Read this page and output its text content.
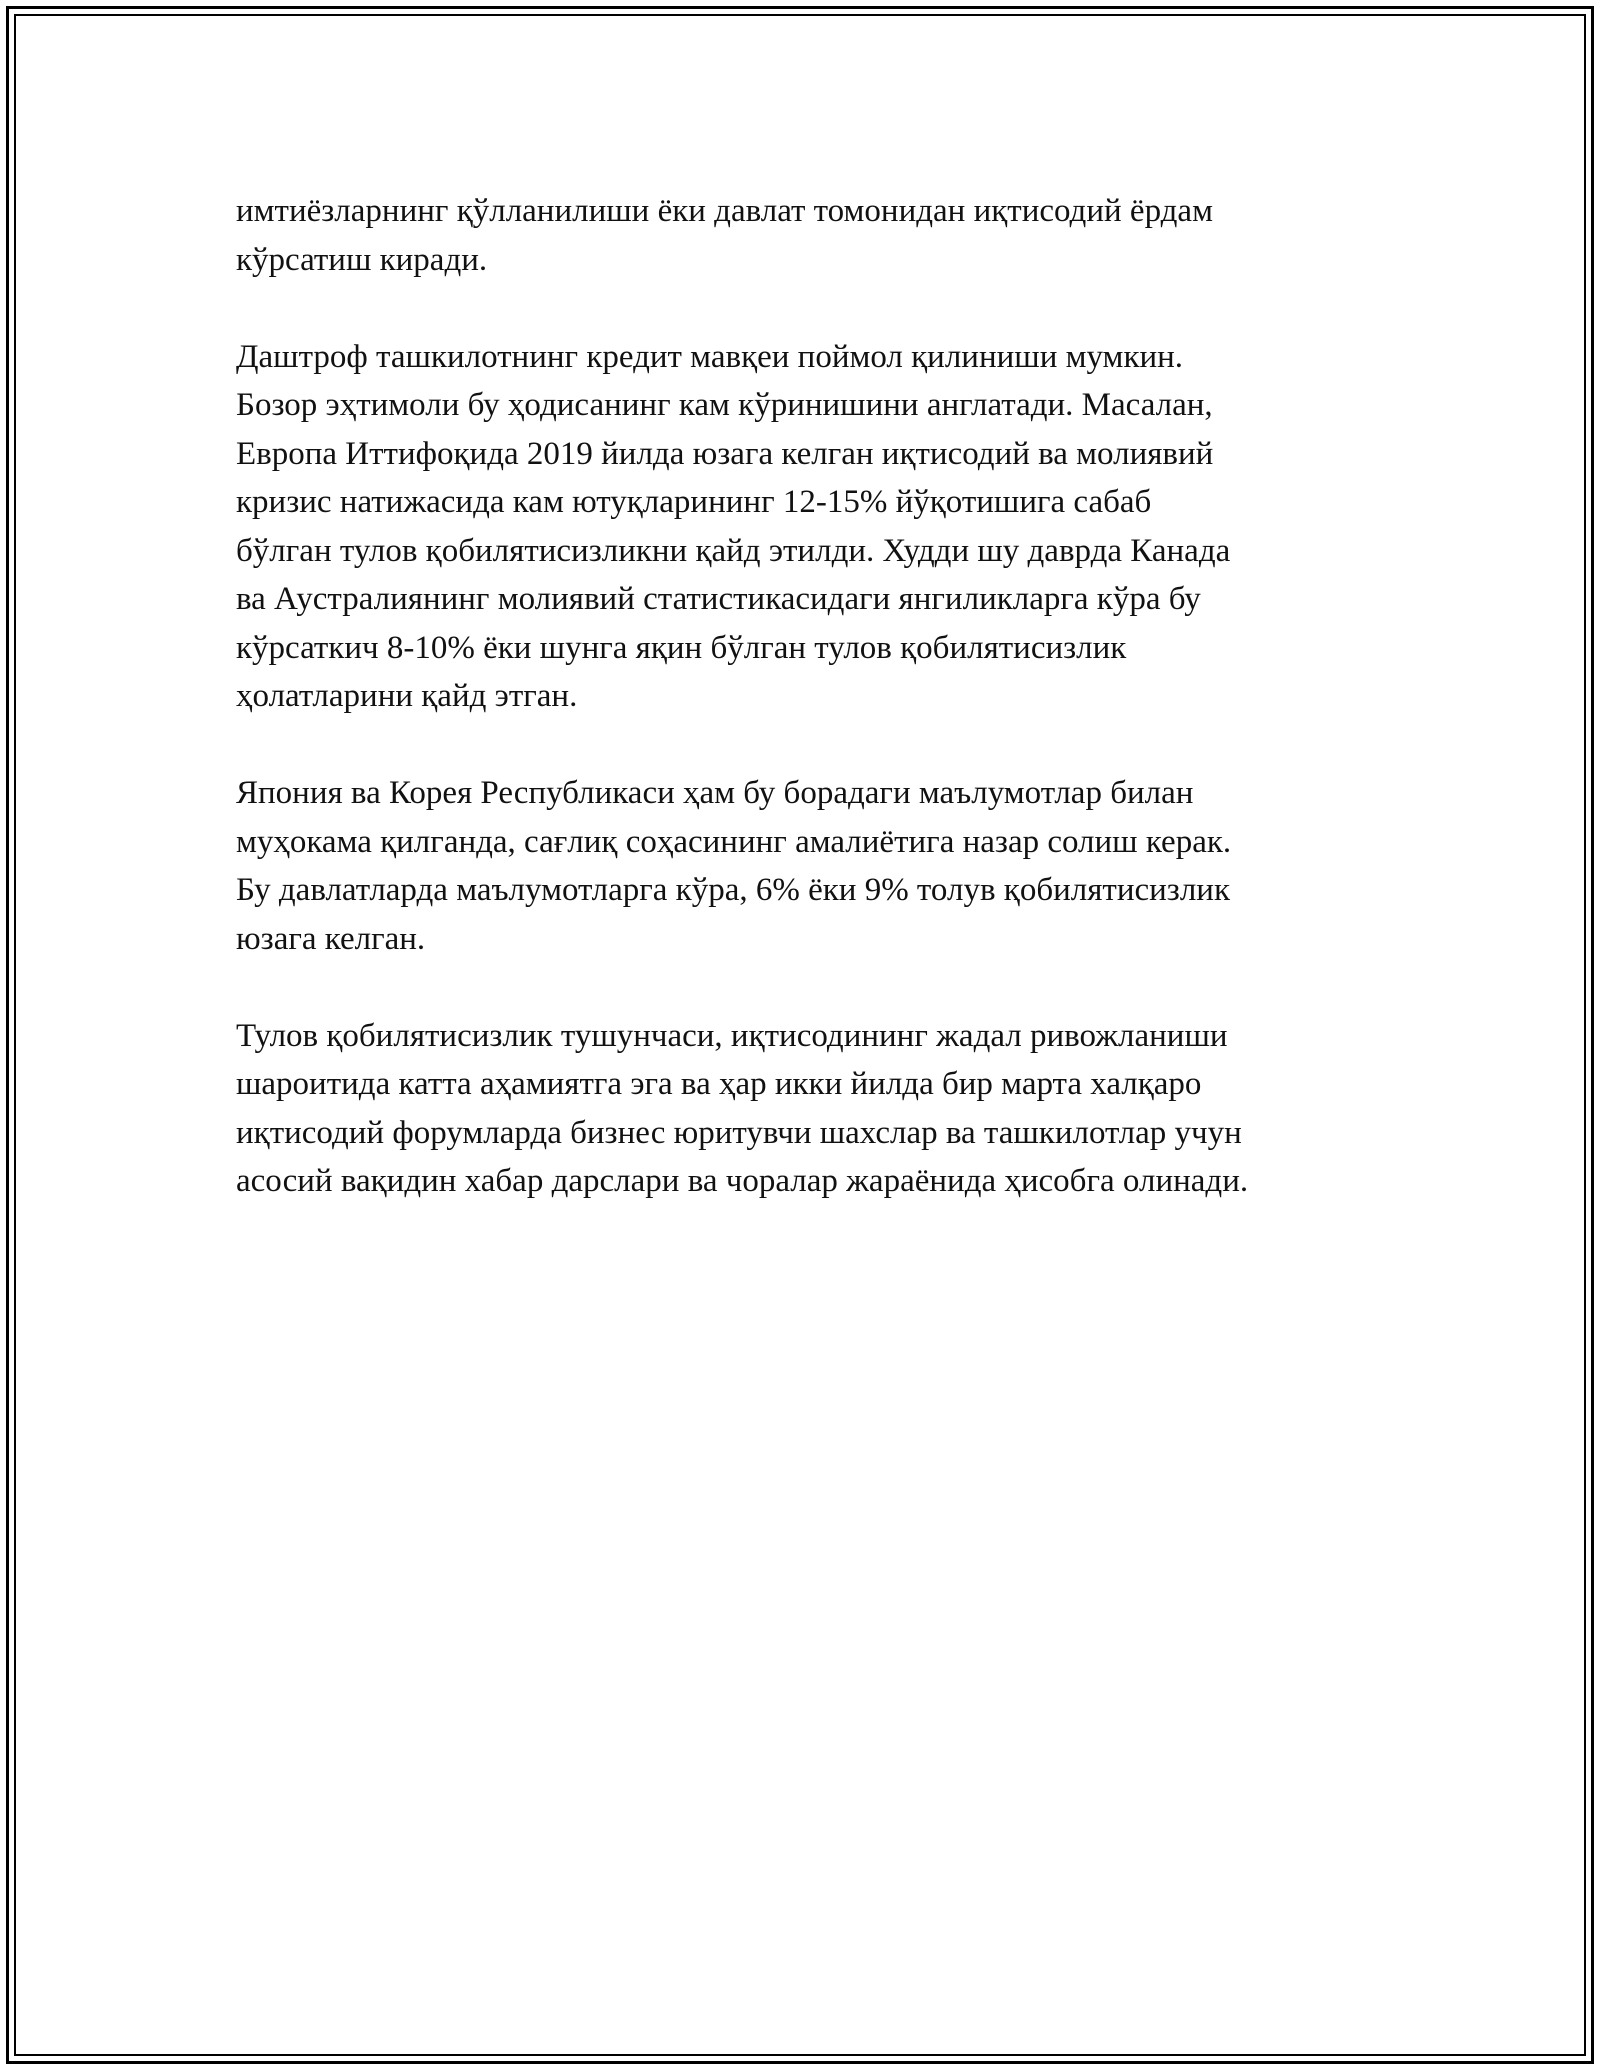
имтиёзларнинг қўлланилиши ёки давлат томонидан иқтисодий ёрдам
кўрсатиш киради.

Даштроф ташкилотнинг кредит мавқеи поймол қилиниши мумкин.
Бозор эҳтимоли бу ҳодисанинг кам кўринишини англатади. Масалан,
Европа Иттифоқида 2019 йилда юзага келган иқтисодий ва молиявий
кризис натижасида кам ютуқларининг 12-15% йўқотишига сабаб
бўлган тулов қобилятисизликни қайд этилди. Худди шу даврда Канада
ва Аустралиянинг молиявий статистикасидаги янгиликларга кўра бу
кўрсаткич 8-10% ёки шунга яқин бўлган тулов қобилятисизлик
ҳолатларини қайд этган.

Япония ва Корея Республикаси ҳам бу борадаги маълумотлар билан
муҳокама қилганда, сағлиқ соҳасининг амалиётига назар солиш керак.
Бу давлатларда маълумотларга кўра, 6% ёки 9% толув қобилятисизлик
юзага келган.

Тулов қобилятисизлик тушунчаси, иқтисодининг жадал ривожланиши
шароитида катта аҳамиятга эга ва ҳар икки йилда бир марта халқаро
иқтисодий форумларда бизнес юритувчи шахслар ва ташкилотлар учун
асосий вақидин хабар дарслари ва чоралар жараёнида ҳисобга олинади.
